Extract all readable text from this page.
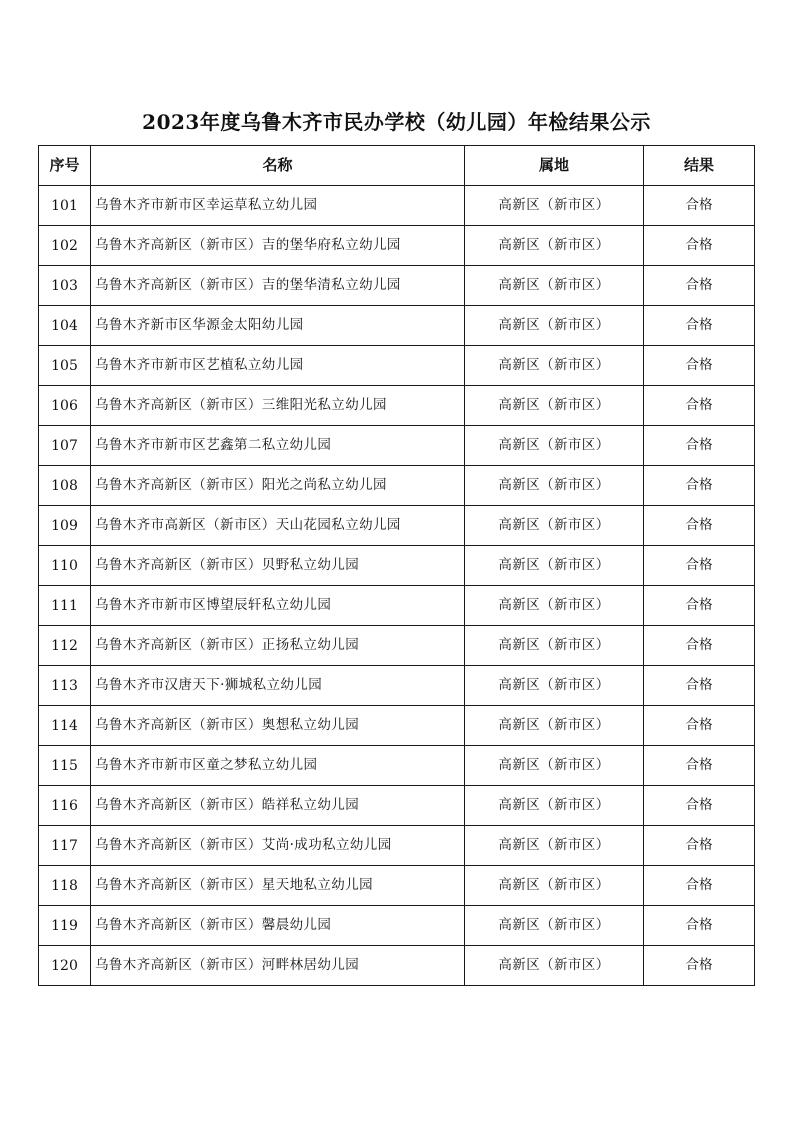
2023年度乌鲁木齐市民办学校（幼儿园）年检结果公示
序号	名称	属地	结果
101	乌鲁木齐市新市区幸运草私立幼儿园	高新区（新市区）	合格
102	乌鲁木齐高新区（新市区）吉的堡华府私立幼儿园	高新区（新市区）	合格
103	乌鲁木齐高新区（新市区）吉的堡华清私立幼儿园	高新区（新市区）	合格
104	乌鲁木齐新市区华源金太阳幼儿园	高新区（新市区）	合格
105	乌鲁木齐市新市区艺植私立幼儿园	高新区（新市区）	合格
106	乌鲁木齐高新区（新市区）三维阳光私立幼儿园	高新区（新市区）	合格
107	乌鲁木齐市新市区艺鑫第二私立幼儿园	高新区（新市区）	合格
108	乌鲁木齐高新区（新市区）阳光之尚私立幼儿园	高新区（新市区）	合格
109	乌鲁木齐市高新区（新市区）天山花园私立幼儿园	高新区（新市区）	合格
110	乌鲁木齐高新区（新市区）贝野私立幼儿园	高新区（新市区）	合格
111	乌鲁木齐市新市区博望辰轩私立幼儿园	高新区（新市区）	合格
112	乌鲁木齐高新区（新市区）正扬私立幼儿园	高新区（新市区）	合格
113	乌鲁木齐市汉唐天下·狮城私立幼儿园	高新区（新市区）	合格
114	乌鲁木齐高新区（新市区）奥想私立幼儿园	高新区（新市区）	合格
115	乌鲁木齐市新市区童之梦私立幼儿园	高新区（新市区）	合格
116	乌鲁木齐高新区（新市区）皓祥私立幼儿园	高新区（新市区）	合格
117	乌鲁木齐高新区（新市区）艾尚·成功私立幼儿园	高新区（新市区）	合格
118	乌鲁木齐高新区（新市区）星天地私立幼儿园	高新区（新市区）	合格
119	乌鲁木齐高新区（新市区）馨晨幼儿园	高新区（新市区）	合格
120	乌鲁木齐高新区（新市区）河畔林居幼儿园	高新区（新市区）	合格
